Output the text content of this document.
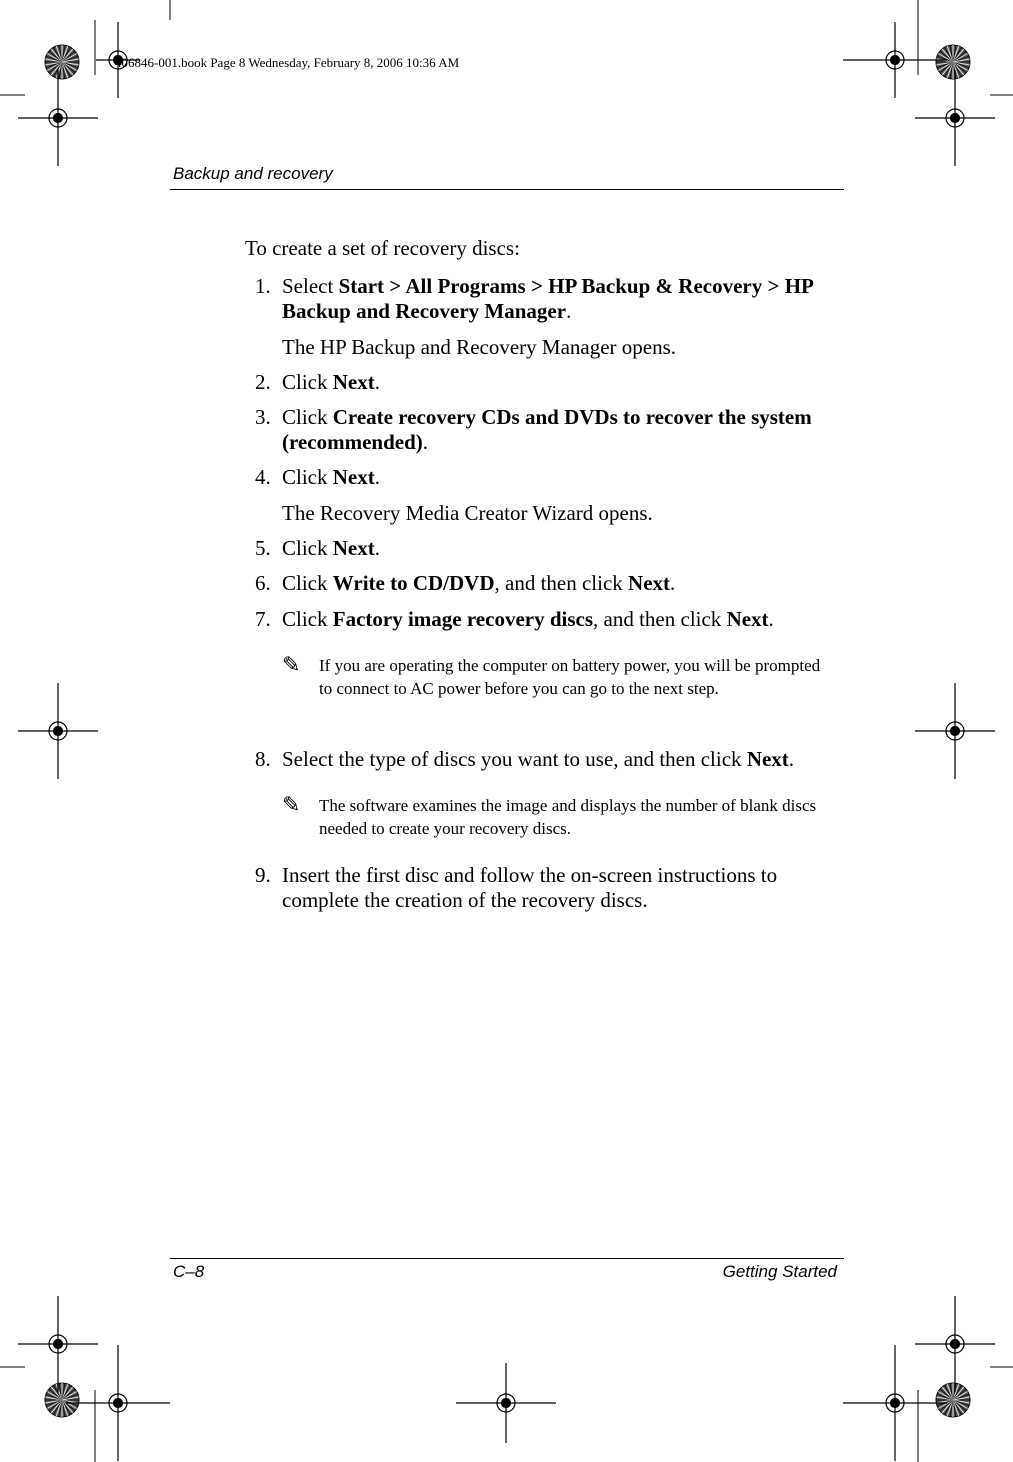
406846-001.book Page 8 Wednesday, February 8, 2006 10:36 AM
Backup and recovery
To create a set of recovery discs:
1. Select Start > All Programs > HP Backup & Recovery > HP Backup and Recovery Manager.
The HP Backup and Recovery Manager opens.
2. Click Next.
3. Click Create recovery CDs and DVDs to recover the system (recommended).
4. Click Next.
The Recovery Media Creator Wizard opens.
5. Click Next.
6. Click Write to CD/DVD, and then click Next.
7. Click Factory image recovery discs, and then click Next.
✎ If you are operating the computer on battery power, you will be prompted to connect to AC power before you can go to the next step.
8. Select the type of discs you want to use, and then click Next.
✎ The software examines the image and displays the number of blank discs needed to create your recovery discs.
9. Insert the first disc and follow the on-screen instructions to complete the creation of the recovery discs.
C–8	Getting Started
